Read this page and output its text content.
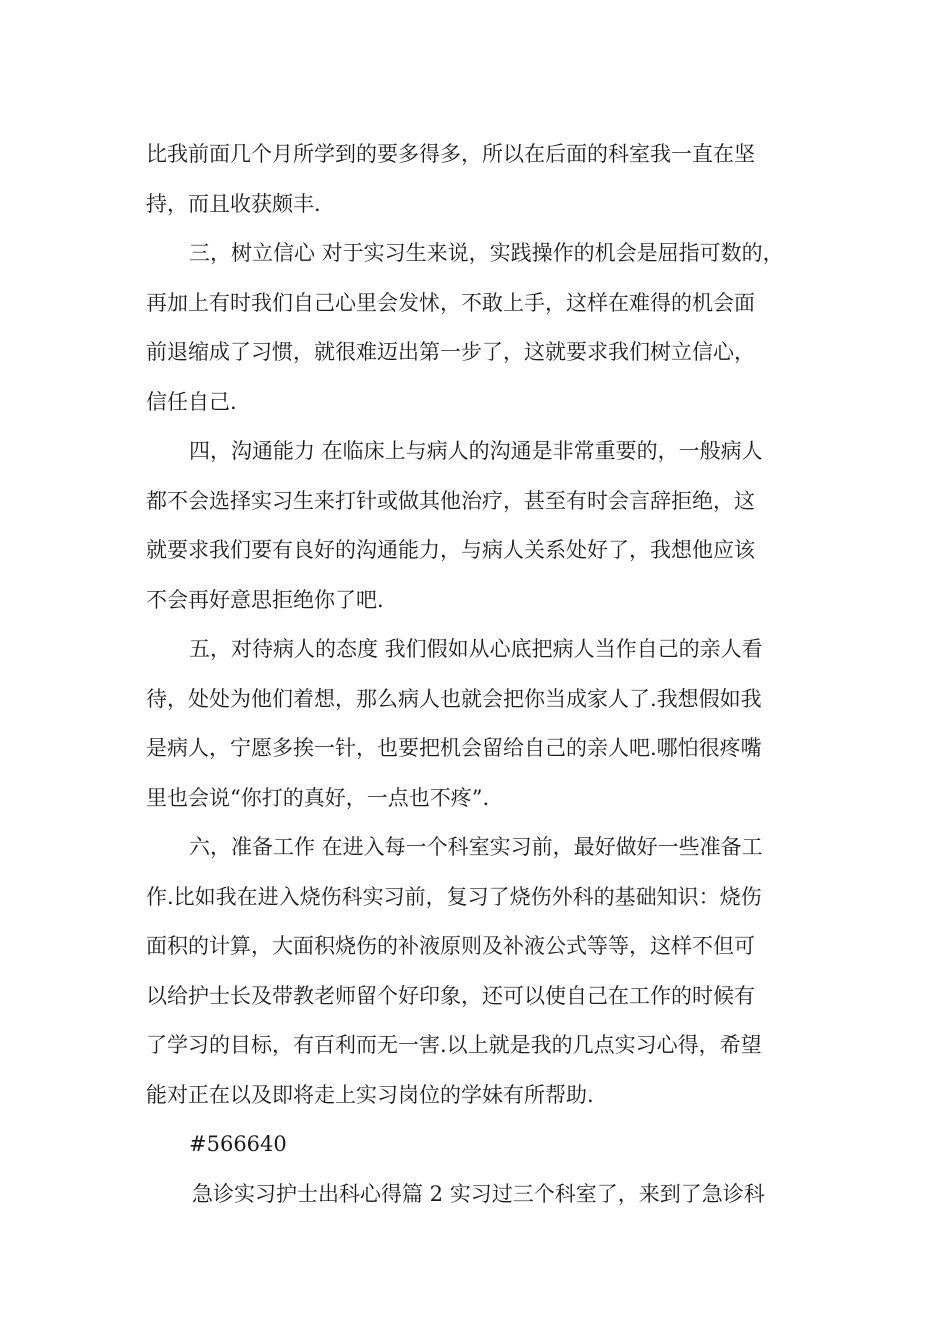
比我前面几个月所学到的要多得多，所以在后面的科室我一直在坚
持，而且收获颇丰.
三，树立信心 对于实习生来说，实践操作的机会是屈指可数的，
再加上有时我们自己心里会发怵，不敢上手，这样在难得的机会面
前退缩成了习惯，就很难迈出第一步了，这就要求我们树立信心，
信任自己.
四，沟通能力 在临床上与病人的沟通是非常重要的，一般病人
都不会选择实习生来打针或做其他治疗，甚至有时会言辞拒绝，这
就要求我们要有良好的沟通能力，与病人关系处好了，我想他应该
不会再好意思拒绝你了吧.
五，对待病人的态度 我们假如从心底把病人当作自己的亲人看
待，处处为他们着想，那么病人也就会把你当成家人了.我想假如我
是病人，宁愿多挨一针，也要把机会留给自己的亲人吧.哪怕很疼嘴
里也会说“你打的真好，一点也不疼”.
六，准备工作 在进入每一个科室实习前，最好做好一些准备工
作.比如我在进入烧伤科实习前，复习了烧伤外科的基础知识：烧伤
面积的计算，大面积烧伤的补液原则及补液公式等等，这样不但可
以给护士长及带教老师留个好印象，还可以使自己在工作的时候有
了学习的目标，有百利而无一害.以上就是我的几点实习心得，希望
能对正在以及即将走上实习岗位的学妹有所帮助.
#566640
急诊实习护士出科心得篇 2 实习过三个科室了，来到了急诊科
